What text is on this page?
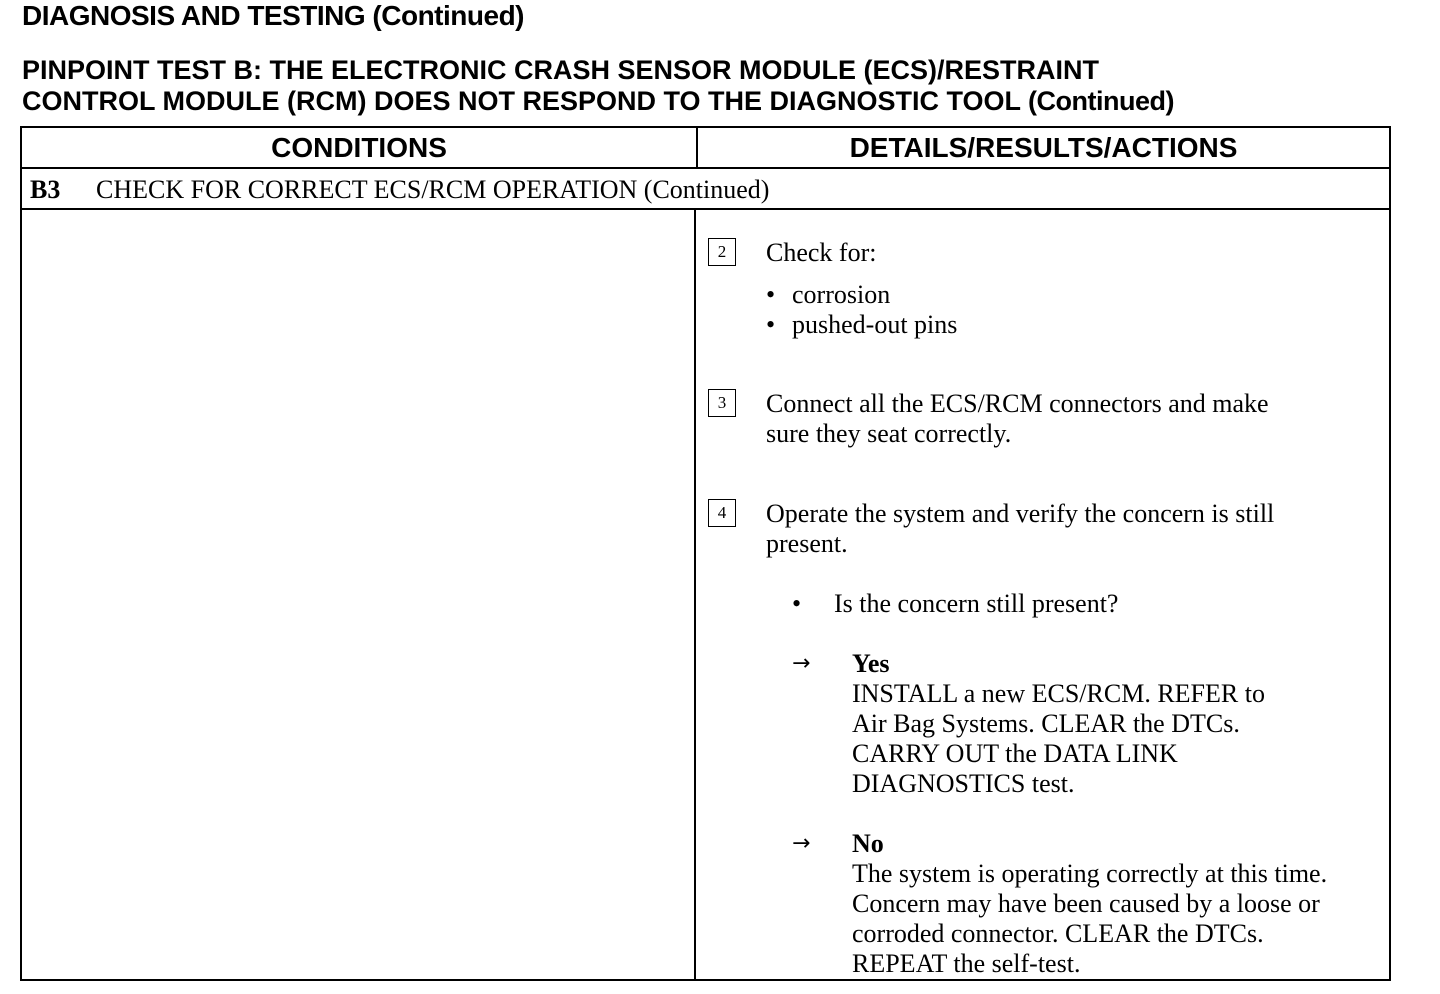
DIAGNOSIS AND TESTING (Continued)
PINPOINT TEST B: THE ELECTRONIC CRASH SENSOR MODULE (ECS)/RESTRAINT
CONTROL MODULE (RCM) DOES NOT RESPOND TO THE DIAGNOSTIC TOOL (Continued)
CONDITIONS	DETAILS/RESULTS/ACTIONS
B3 CHECK FOR CORRECT ECS/RCM OPERATION (Continued)
2	Check for:
• corrosion
• pushed-out pins
3	Connect all the ECS/RCM connectors and make
sure they seat correctly.
4	Operate the system and verify the concern is still
present.
• Is the concern still present?
→ Yes
INSTALL a new ECS/RCM. REFER to
Air Bag Systems. CLEAR the DTCs.
CARRY OUT the DATA LINK
DIAGNOSTICS test.
→ No
The system is operating correctly at this time.
Concern may have been caused by a loose or
corroded connector. CLEAR the DTCs.
REPEAT the self-test.
